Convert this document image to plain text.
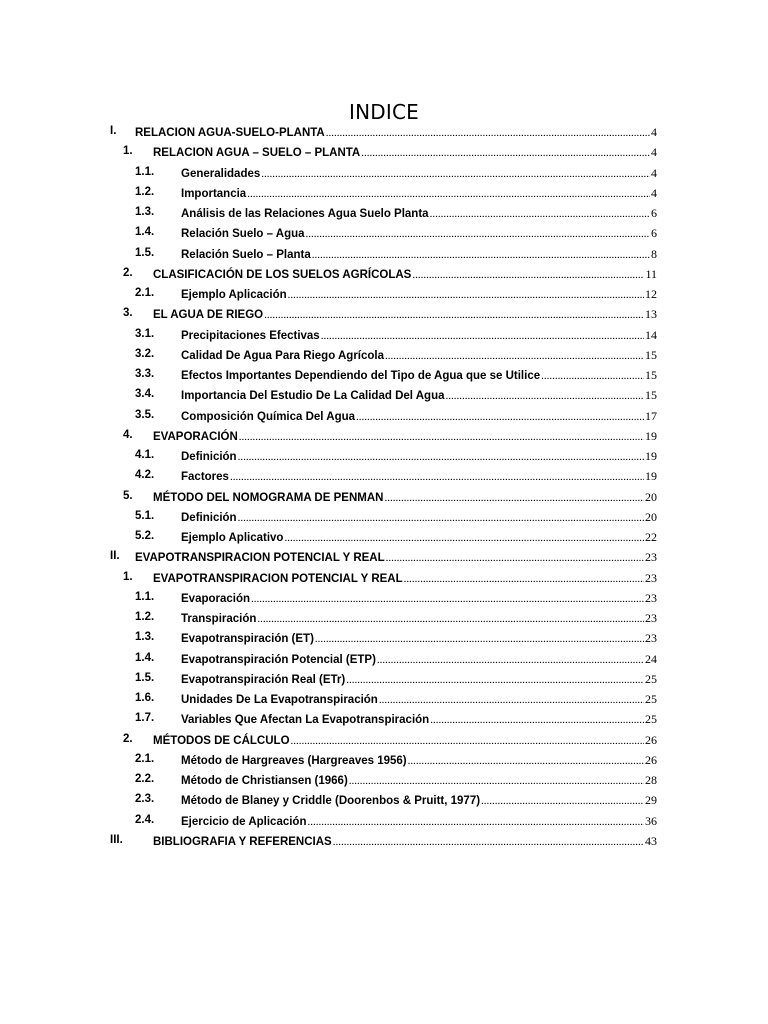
INDICE
I. RELACION AGUA-SUELO-PLANTA .....	4
1. RELACION AGUA – SUELO – PLANTA .....	4
1.1. Generalidades .....	4
1.2. Importancia .....	4
1.3. Análisis de las Relaciones Agua Suelo Planta .....	6
1.4. Relación Suelo – Agua .....	6
1.5. Relación Suelo – Planta .....	8
2. CLASIFICACIÓN DE LOS SUELOS AGRÍCOLAS .....	11
2.1. Ejemplo Aplicación .....	12
3. EL AGUA DE RIEGO .....	13
3.1. Precipitaciones Efectivas .....	14
3.2. Calidad De Agua Para Riego Agrícola .....	15
3.3. Efectos Importantes Dependiendo del Tipo de Agua que se Utilice .....	15
3.4. Importancia Del Estudio De La Calidad Del Agua .....	15
3.5. Composición Química Del Agua .....	17
4. EVAPORACIÓN .....	19
4.1. Definición .....	19
4.2. Factores .....	19
5. MÉTODO DEL NOMOGRAMA DE PENMAN .....	20
5.1. Definición .....	20
5.2. Ejemplo Aplicativo .....	22
II. EVAPOTRANSPIRACION POTENCIAL Y REAL .....	23
1. EVAPOTRANSPIRACION POTENCIAL Y REAL .....	23
1.1. Evaporación .....	23
1.2. Transpiración .....	23
1.3. Evapotranspiración (ET) .....	23
1.4. Evapotranspiración Potencial (ETP) .....	24
1.5. Evapotranspiración Real (ETr) .....	25
1.6. Unidades De La Evapotranspiración .....	25
1.7. Variables Que Afectan La Evapotranspiración .....	25
2. MÉTODOS DE CÁLCULO .....	26
2.1. Método de Hargreaves (Hargreaves 1956) .....	26
2.2. Método de Christiansen (1966) .....	28
2.3. Método de Blaney y Criddle (Doorenbos & Pruitt, 1977) .....	29
2.4. Ejercicio de Aplicación .....	36
III.	BIBLIOGRAFIA Y REFERENCIAS .....	43
